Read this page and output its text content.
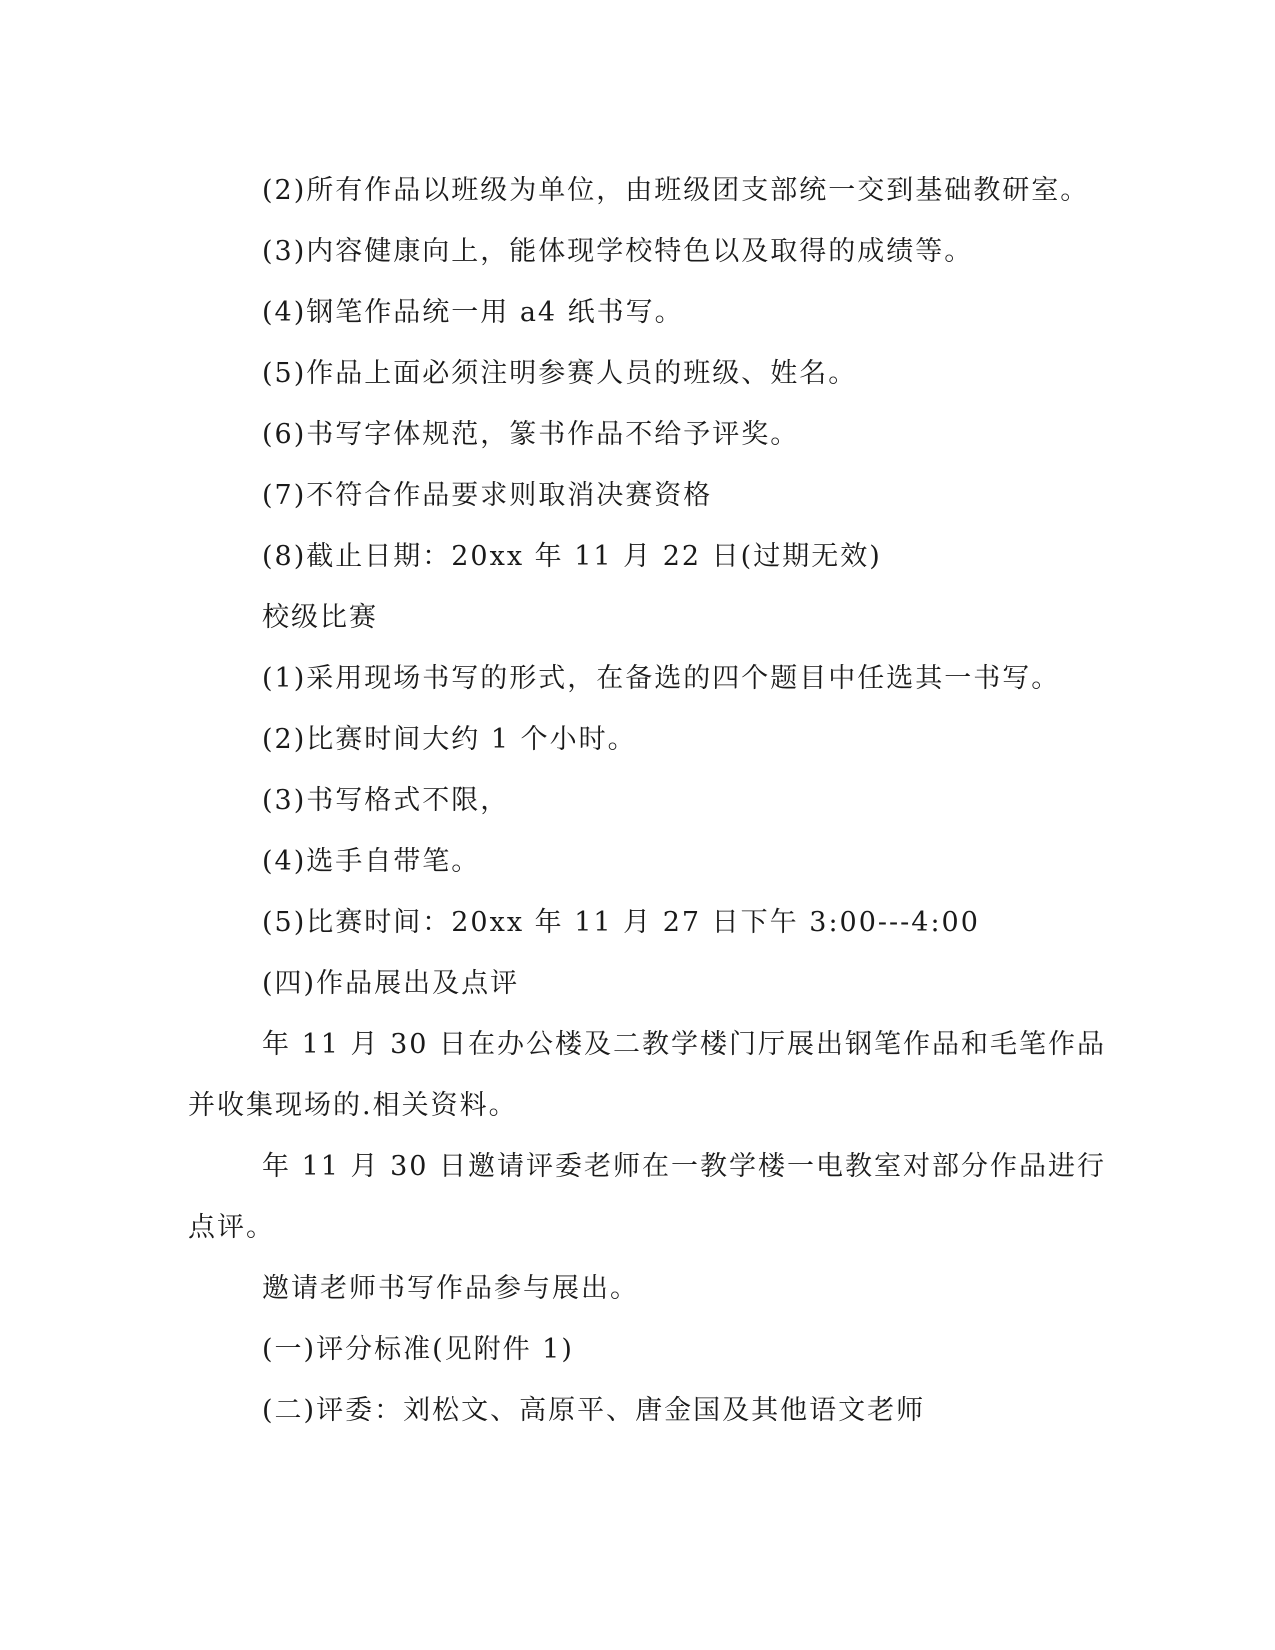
(2)所有作品以班级为单位，由班级团支部统一交到基础教研室。
(3)内容健康向上，能体现学校特色以及取得的成绩等。
(4)钢笔作品统一用 a4 纸书写。
(5)作品上面必须注明参赛人员的班级、姓名。
(6)书写字体规范，篆书作品不给予评奖。
(7)不符合作品要求则取消决赛资格
(8)截止日期：20xx 年 11 月 22 日(过期无效)
校级比赛
(1)采用现场书写的形式，在备选的四个题目中任选其一书写。
(2)比赛时间大约 1 个小时。
(3)书写格式不限，
(4)选手自带笔。
(5)比赛时间：20xx 年 11 月 27 日下午 3:00---4:00
(四)作品展出及点评
年 11 月 30 日在办公楼及二教学楼门厅展出钢笔作品和毛笔作品
并收集现场的.相关资料。
年 11 月 30 日邀请评委老师在一教学楼一电教室对部分作品进行
点评。
邀请老师书写作品参与展出。
(一)评分标准(见附件 1)
(二)评委：刘松文、高原平、唐金国及其他语文老师
